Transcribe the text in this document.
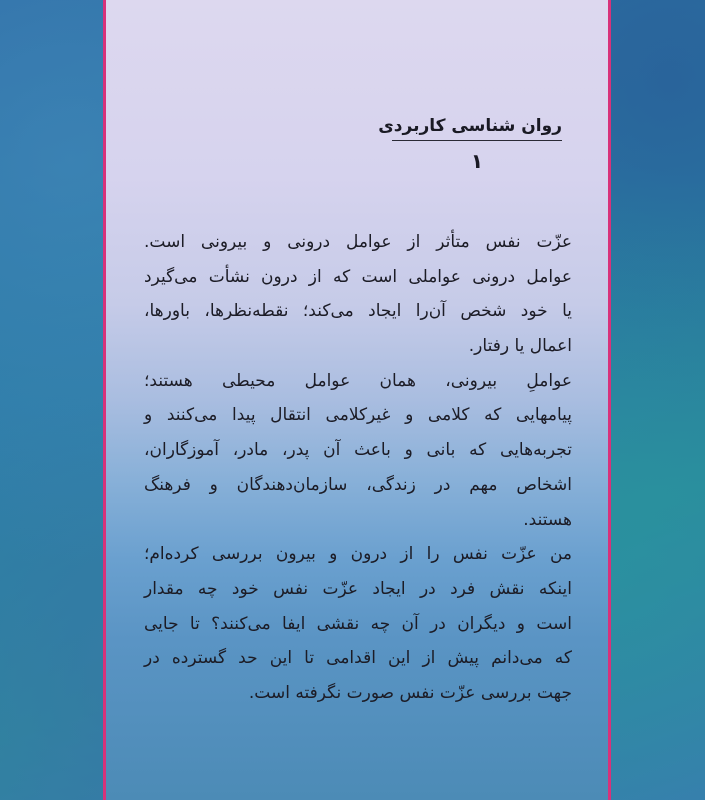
روان شناسی کاربردی
۱
عزّت نفس متأثر از عوامل درونی و بیرونی است.
عوامل درونی عواملی است که از درون نشأت می‌گیرد
یا خود شخص آن‌را ایجاد می‌کند؛ نقطه‌نظرها، باورها،
اعمال یا رفتار.
عواملِ بیرونی، همان عوامل محیطی هستند؛
پیامهایی که کلامی و غیرکلامی انتقال پیدا می‌کنند و
تجربه‌هایی که بانی و باعث آن پدر، مادر، آموزگاران،
اشخاص مهم در زندگی، سازمان‌دهندگان و فرهنگ
هستند.
من عزّت نفس را از درون و بیرون بررسی کرده‌ام؛
اینکه نقش فرد در ایجاد عزّت نفس خود چه مقدار
است و دیگران در آن چه نقشی ایفا می‌کنند؟ تا جایی
که می‌دانم پیش از این اقدامی تا این حد گسترده در
جهت بررسی عزّت نفس صورت نگرفته است.
